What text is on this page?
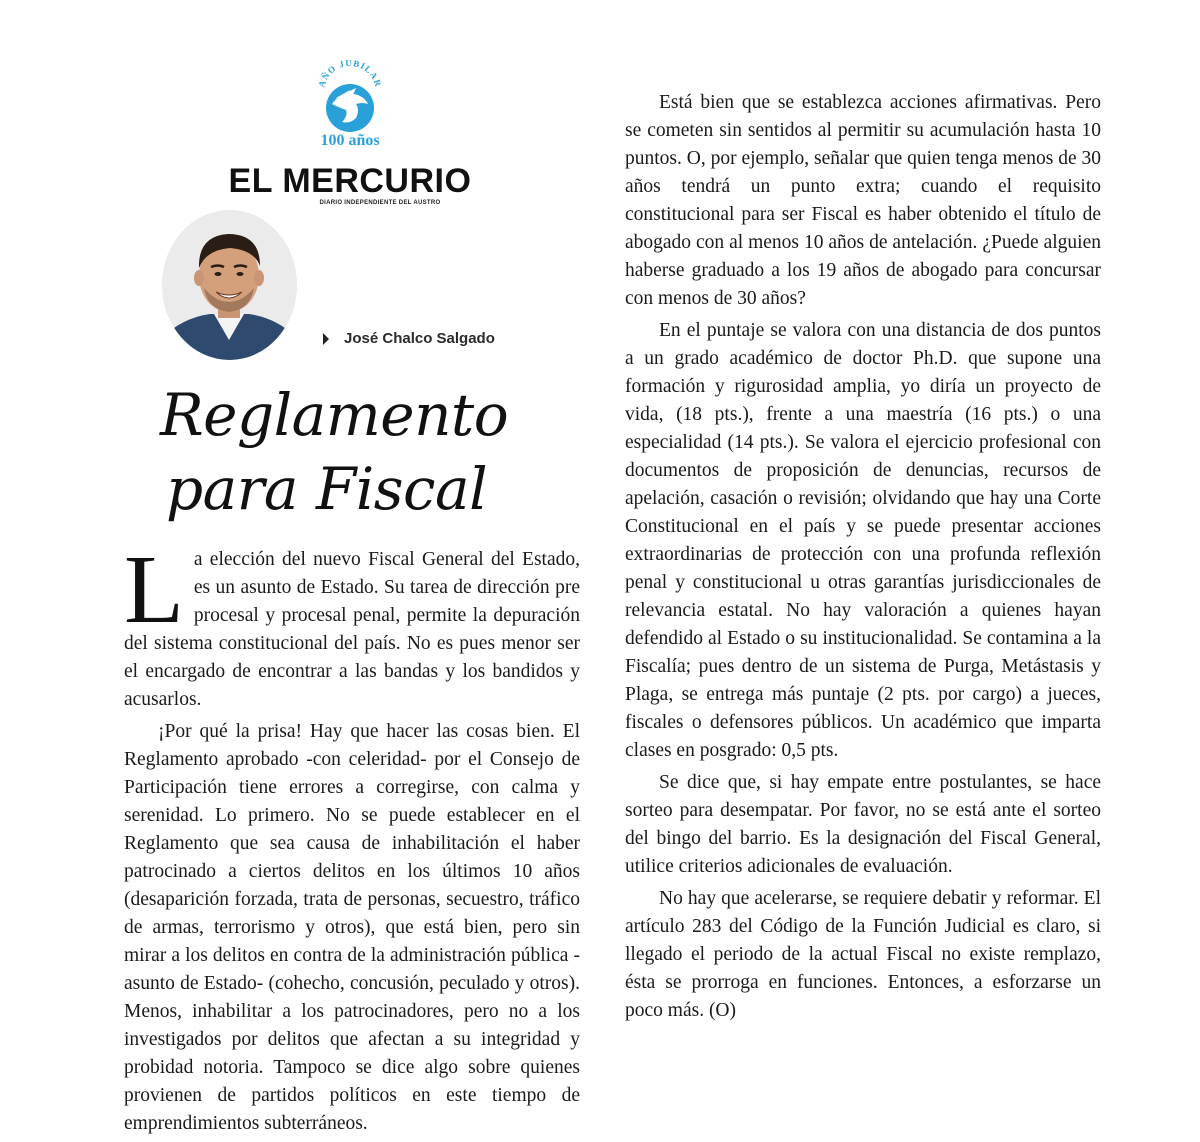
AÑO JUBILAR
100 años
EL MERCURIO
DIARIO INDEPENDIENTE DEL AUSTRO
José Chalco Salgado
Reglamento
para Fiscal

La elección del nuevo Fiscal General del Estado, es un asunto de Estado. Su tarea de dirección pre procesal y procesal penal, permite la depuración del sistema constitucional del país. No es pues menor ser el encargado de encontrar a las bandas y los bandidos y acusarlos.

¡Por qué la prisa! Hay que hacer las cosas bien. El Reglamento aprobado -con celeridad- por el Consejo de Participación tiene errores a corregirse, con calma y serenidad. Lo primero. No se puede establecer en el Reglamento que sea causa de inhabilitación el haber patrocinado a ciertos delitos en los últimos 10 años (desaparición forzada, trata de personas, secuestro, tráfico de armas, terrorismo y otros), que está bien, pero sin mirar a los delitos en contra de la administración pública -asunto de Estado- (cohecho, concusión, peculado y otros). Menos, inhabilitar a los patrocinadores, pero no a los investigados por delitos que afectan a su integridad y probidad notoria. Tampoco se dice algo sobre quienes provienen de partidos políticos en este tiempo de emprendimientos subterráneos.

Está bien que se establezca acciones afirmativas. Pero se cometen sin sentidos al permitir su acumulación hasta 10 puntos. O, por ejemplo, señalar que quien tenga menos de 30 años tendrá un punto extra; cuando el requisito constitucional para ser Fiscal es haber obtenido el título de abogado con al menos 10 años de antelación. ¿Puede alguien haberse graduado a los 19 años de abogado para concursar con menos de 30 años?

En el puntaje se valora con una distancia de dos puntos a un grado académico de doctor Ph.D. que supone una formación y rigurosidad amplia, yo diría un proyecto de vida, (18 pts.), frente a una maestría (16 pts.) o una especialidad (14 pts.). Se valora el ejercicio profesional con documentos de proposición de denuncias, recursos de apelación, casación o revisión; olvidando que hay una Corte Constitucional en el país y se puede presentar acciones extraordinarias de protección con una profunda reflexión penal y constitucional u otras garantías jurisdiccionales de relevancia estatal. No hay valoración a quienes hayan defendido al Estado o su institucionalidad. Se contamina a la Fiscalía; pues dentro de un sistema de Purga, Metástasis y Plaga, se entrega más puntaje (2 pts. por cargo) a jueces, fiscales o defensores públicos. Un académico que imparta clases en posgrado: 0,5 pts.

Se dice que, si hay empate entre postulantes, se hace sorteo para desempatar. Por favor, no se está ante el sorteo del bingo del barrio. Es la designación del Fiscal General, utilice criterios adicionales de evaluación.

No hay que acelerarse, se requiere debatir y reformar. El artículo 283 del Código de la Función Judicial es claro, si llegado el periodo de la actual Fiscal no existe remplazo, ésta se prorroga en funciones. Entonces, a esforzarse un poco más. (O)
